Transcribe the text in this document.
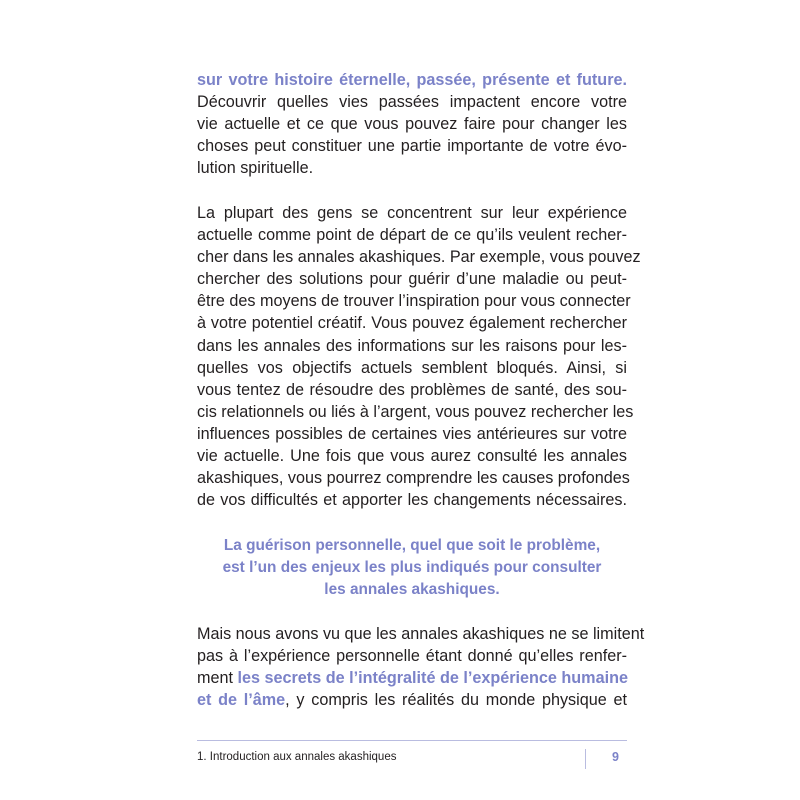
sur votre histoire éternelle, passée, présente et future.
Découvrir quelles vies passées impactent encore votre
vie actuelle et ce que vous pouvez faire pour changer les
choses peut constituer une partie importante de votre évo-
lution spirituelle.
La plupart des gens se concentrent sur leur expérience
actuelle comme point de départ de ce qu’ils veulent recher-
cher dans les annales akashiques. Par exemple, vous pouvez
chercher des solutions pour guérir d’une maladie ou peut-
être des moyens de trouver l’inspiration pour vous connecter
à votre potentiel créatif. Vous pouvez également rechercher
dans les annales des informations sur les raisons pour les-
quelles vos objectifs actuels semblent bloqués. Ainsi, si
vous tentez de résoudre des problèmes de santé, des sou-
cis relationnels ou liés à l’argent, vous pouvez rechercher les
influences possibles de certaines vies antérieures sur votre
vie actuelle. Une fois que vous aurez consulté les annales
akashiques, vous pourrez comprendre les causes profondes
de vos difficultés et apporter les changements nécessaires.
La guérison personnelle, quel que soit le problème,
est l’un des enjeux les plus indiqués pour consulter
les annales akashiques.
Mais nous avons vu que les annales akashiques ne se limitent
pas à l’expérience personnelle étant donné qu’elles renfer-
ment les secrets de l’intégralité de l’expérience humaine
et de l’âme, y compris les réalités du monde physique et
1. Introduction aux annales akashiques	9
